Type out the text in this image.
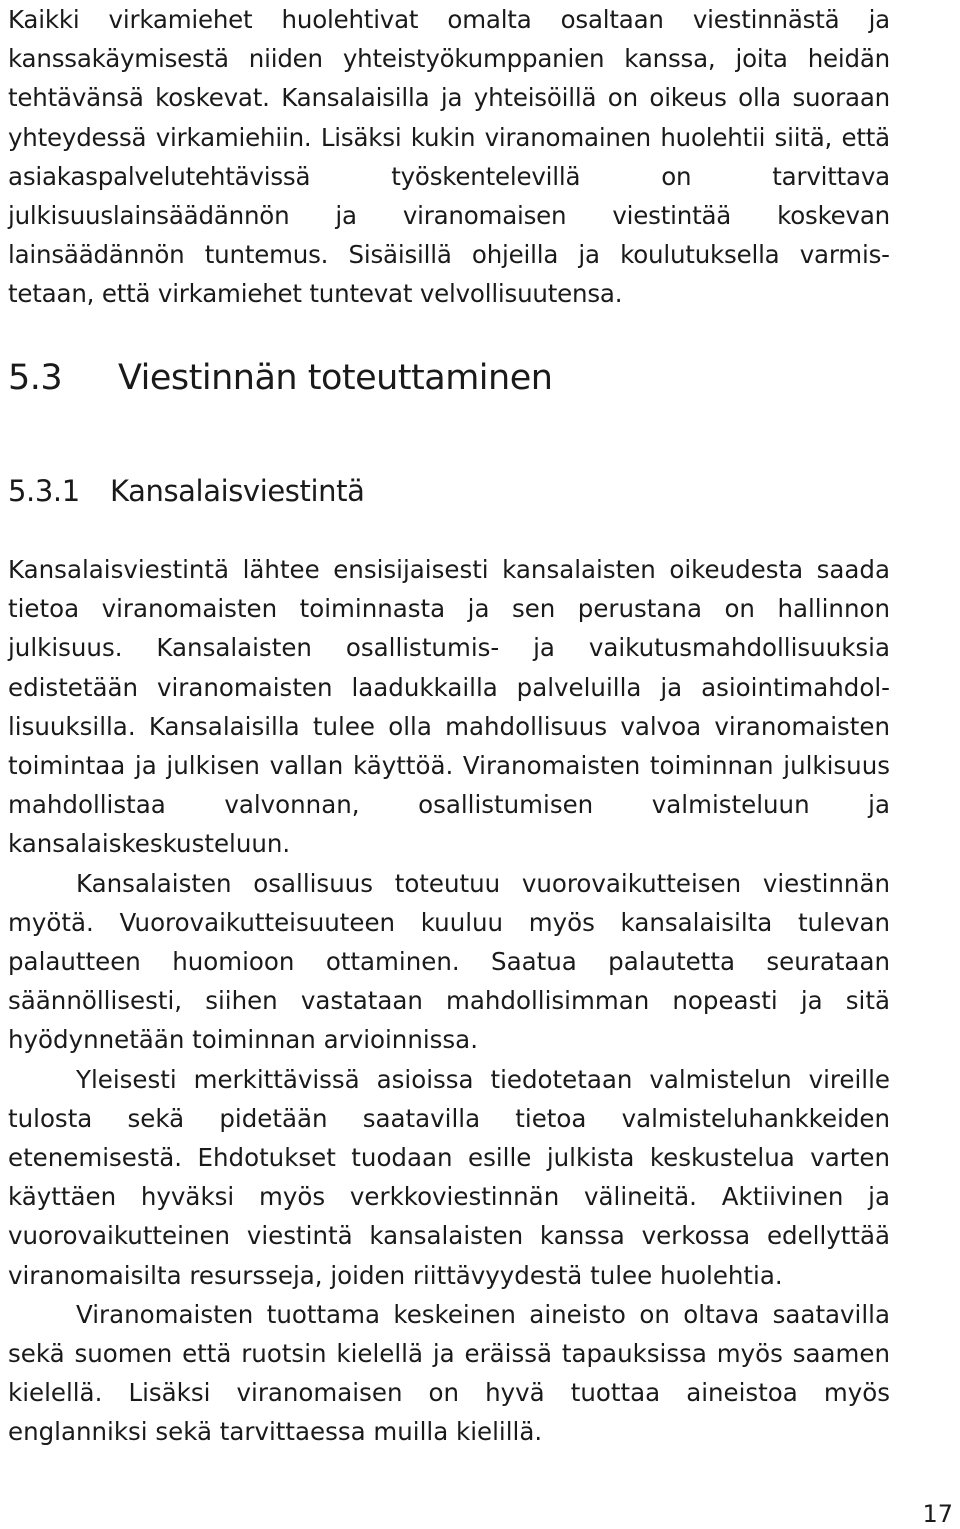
Kaikki virkamiehet huolehtivat omalta osaltaan viestinnästä ja kanssakäymisestä niiden yhteistyökumppanien kanssa, joita heidän tehtävänsä koskevat. Kansalaisilla ja yhteisöillä on oikeus olla suoraan yhteydessä virkamiehiin. Lisäksi kukin viranomainen huolehtii siitä, että asiakaspalvelutehtävissä työskentelevillä on tarvittava julkisuuslainsäädännön ja viranomaisen viestintää koskevan lainsäädännön tuntemus. Sisäisillä ohjeilla ja koulutuksella varmistetaan, että virkamiehet tuntevat velvollisuutensa.

5.3	Viestinnän toteuttaminen
5.3.1	Kansalaisviestintä

Kansalaisviestintä lähtee ensisijaisesti kansalaisten oikeudesta saada tietoa viranomaisten toiminnasta ja sen perustana on hallinnon julkisuus. Kansalaisten osallistumis- ja vaikutusmahdollisuuksia edistetään viranomaisten laadukkailla palveluilla ja asiointimahdollisuuksilla. Kansalaisilla tulee olla mahdollisuus valvoa viranomaisten toimintaa ja julkisen vallan käyttöä. Viranomaisten toiminnan julkisuus mahdollistaa valvonnan, osallistumisen valmisteluun ja kansalaiskeskusteluun.

Kansalaisten osallisuus toteutuu vuorovaikutteisen viestinnän myötä. Vuorovaikutteisuuteen kuuluu myös kansalaisilta tulevan palautteen huomioon ottaminen. Saatua palautetta seurataan säännöllisesti, siihen vastataan mahdollisimman nopeasti ja sitä hyödynnetään toiminnan arvioinnissa.

Yleisesti merkittävissä asioissa tiedotetaan valmistelun vireille tulosta sekä pidetään saatavilla tietoa valmisteluhankkeiden etenemisestä. Ehdotukset tuodaan esille julkista keskustelua varten käyttäen hyväksi myös verkkoviestinnän välineitä. Aktiivinen ja vuorovaikutteinen viestintä kansalaisten kanssa verkossa edellyttää viranomaisilta resursseja, joiden riittävyydestä tulee huolehtia.

Viranomaisten tuottama keskeinen aineisto on oltava saatavilla sekä suomen että ruotsin kielellä ja eräissä tapauksissa myös saamen kielellä. Lisäksi viranomaisen on hyvä tuottaa aineistoa myös englanniksi sekä tarvittaessa muilla kielillä.

17
